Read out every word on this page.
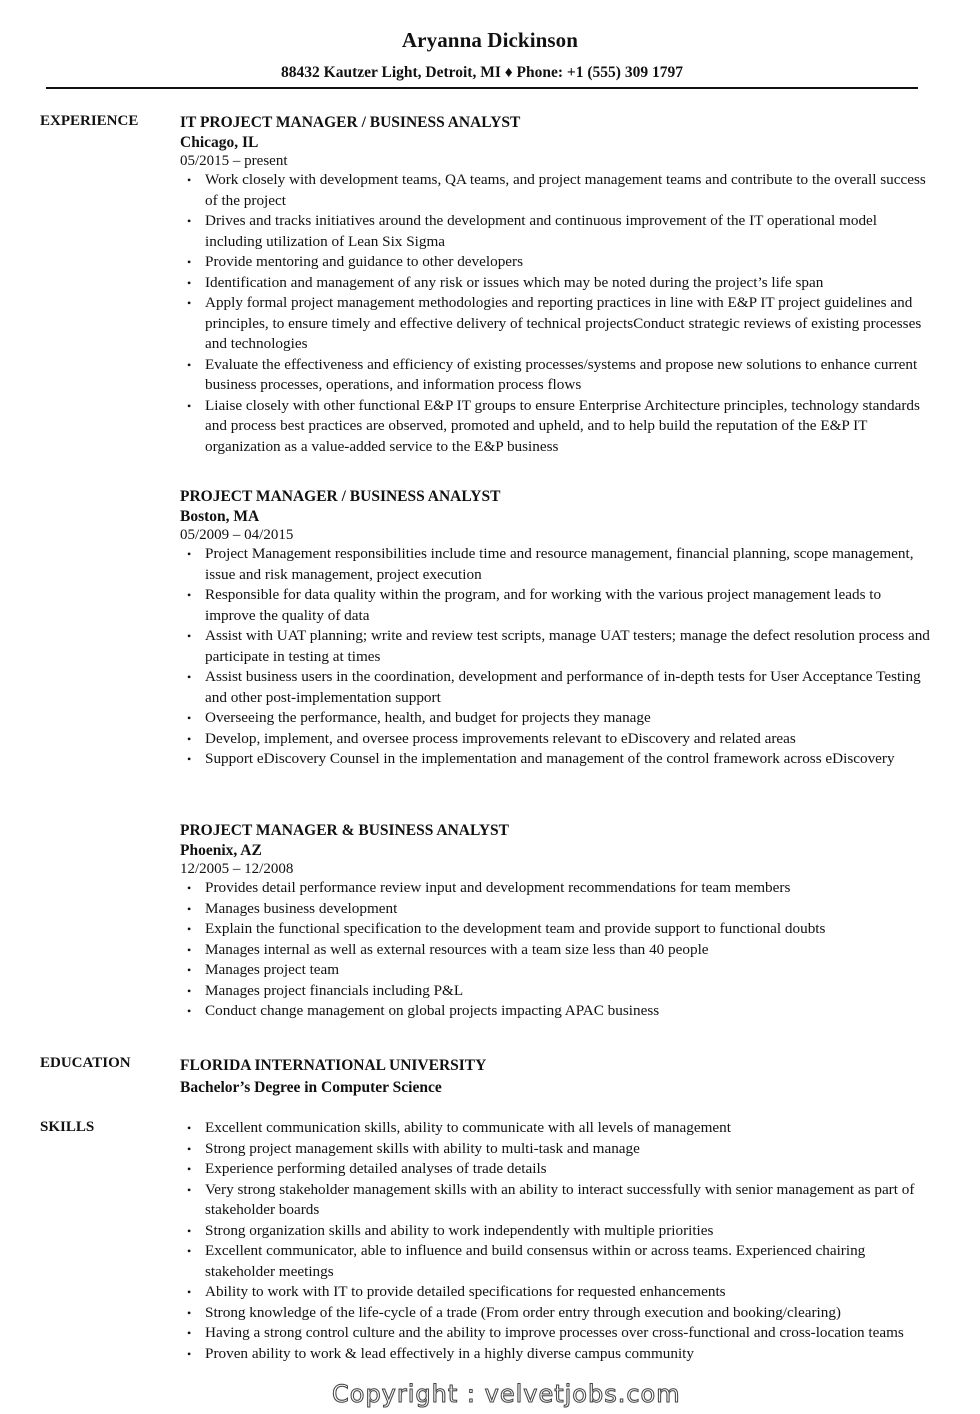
Aryanna Dickinson
88432 Kautzer Light, Detroit, MI ♦ Phone: +1 (555) 309 1797
EXPERIENCE	IT PROJECT MANAGER / BUSINESS ANALYST
Chicago, IL
05/2015 – present
• Work closely with development teams, QA teams, and project management teams and contribute to the overall success of the project
• Drives and tracks initiatives around the development and continuous improvement of the IT operational model including utilization of Lean Six Sigma
• Provide mentoring and guidance to other developers
• Identification and management of any risk or issues which may be noted during the project’s life span
• Apply formal project management methodologies and reporting practices in line with E&P IT project guidelines and principles, to ensure timely and effective delivery of technical projectsConduct strategic reviews of existing processes and technologies
• Evaluate the effectiveness and efficiency of existing processes/systems and propose new solutions to enhance current business processes, operations, and information process flows
• Liaise closely with other functional E&P IT groups to ensure Enterprise Architecture principles, technology standards and process best practices are observed, promoted and upheld, and to help build the reputation of the E&P IT organization as a value-added service to the E&P business
PROJECT MANAGER / BUSINESS ANALYST
Boston, MA
05/2009 – 04/2015
• Project Management responsibilities include time and resource management, financial planning, scope management, issue and risk management, project execution
• Responsible for data quality within the program, and for working with the various project management leads to improve the quality of data
• Assist with UAT planning; write and review test scripts, manage UAT testers; manage the defect resolution process and participate in testing at times
• Assist business users in the coordination, development and performance of in-depth tests for User Acceptance Testing and other post-implementation support
• Overseeing the performance, health, and budget for projects they manage
• Develop, implement, and oversee process improvements relevant to eDiscovery and related areas
• Support eDiscovery Counsel in the implementation and management of the control framework across eDiscovery
PROJECT MANAGER & BUSINESS ANALYST
Phoenix, AZ
12/2005 – 12/2008
• Provides detail performance review input and development recommendations for team members
• Manages business development
• Explain the functional specification to the development team and provide support to functional doubts
• Manages internal as well as external resources with a team size less than 40 people
• Manages project team
• Manages project financials including P&L
• Conduct change management on global projects impacting APAC business
EDUCATION	FLORIDA INTERNATIONAL UNIVERSITY
Bachelor’s Degree in Computer Science
SKILLS	• Excellent communication skills, ability to communicate with all levels of management
• Strong project management skills with ability to multi-task and manage
• Experience performing detailed analyses of trade details
• Very strong stakeholder management skills with an ability to interact successfully with senior management as part of stakeholder boards
• Strong organization skills and ability to work independently with multiple priorities
• Excellent communicator, able to influence and build consensus within or across teams. Experienced chairing stakeholder meetings
• Ability to work with IT to provide detailed specifications for requested enhancements
• Strong knowledge of the life-cycle of a trade (From order entry through execution and booking/clearing)
• Having a strong control culture and the ability to improve processes over cross-functional and cross-location teams
• Proven ability to work & lead effectively in a highly diverse campus community
Copyright : velvetjobs.com
